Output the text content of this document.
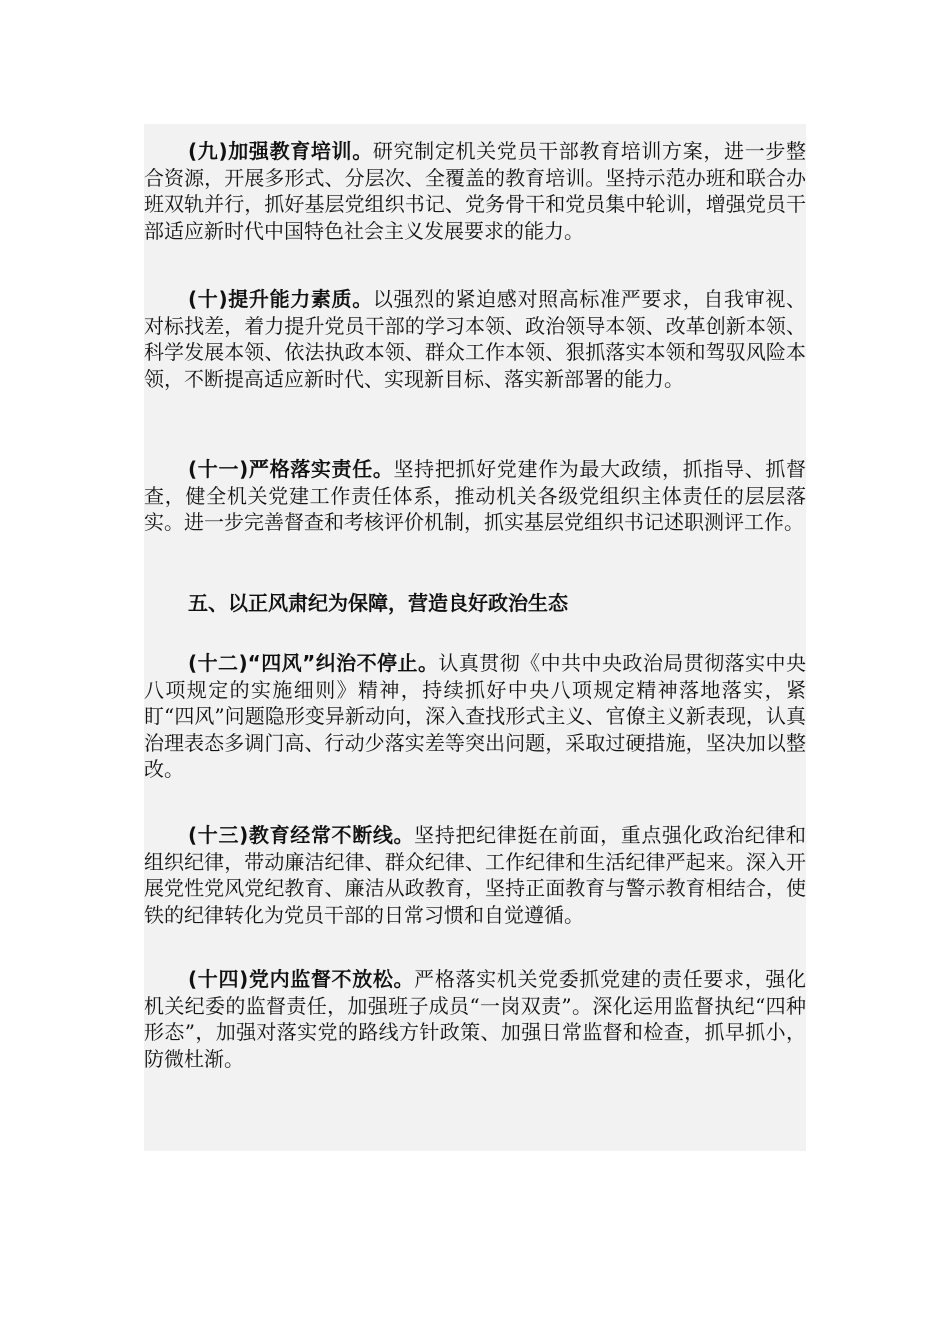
(九)加强教育培训。研究制定机关党员干部教育培训方案，进一步整合资源，开展多形式、分层次、全覆盖的教育培训。坚持示范办班和联合办班双轨并行，抓好基层党组织书记、党务骨干和党员集中轮训，增强党员干部适应新时代中国特色社会主义发展要求的能力。

(十)提升能力素质。以强烈的紧迫感对照高标准严要求，自我审视、对标找差，着力提升党员干部的学习本领、政治领导本领、改革创新本领、科学发展本领、依法执政本领、群众工作本领、狠抓落实本领和驾驭风险本领，不断提高适应新时代、实现新目标、落实新部署的能力。

(十一)严格落实责任。坚持把抓好党建作为最大政绩，抓指导、抓督查，健全机关党建工作责任体系，推动机关各级党组织主体责任的层层落实。进一步完善督查和考核评价机制，抓实基层党组织书记述职测评工作。

五、以正风肃纪为保障，营造良好政治生态

(十二)“四风”纠治不停止。认真贯彻《中共中央政治局贯彻落实中央八项规定的实施细则》精神，持续抓好中央八项规定精神落地落实，紧盯“四风”问题隐形变异新动向，深入查找形式主义、官僚主义新表现，认真治理表态多调门高、行动少落实差等突出问题，采取过硬措施，坚决加以整改。

(十三)教育经常不断线。坚持把纪律挺在前面，重点强化政治纪律和组织纪律，带动廉洁纪律、群众纪律、工作纪律和生活纪律严起来。深入开展党性党风党纪教育、廉洁从政教育，坚持正面教育与警示教育相结合，使铁的纪律转化为党员干部的日常习惯和自觉遵循。

(十四)党内监督不放松。严格落实机关党委抓党建的责任要求，强化机关纪委的监督责任，加强班子成员“一岗双责”。深化运用监督执纪“四种形态”，加强对落实党的路线方针政策、加强日常监督和检查，抓早抓小，防微杜渐。
